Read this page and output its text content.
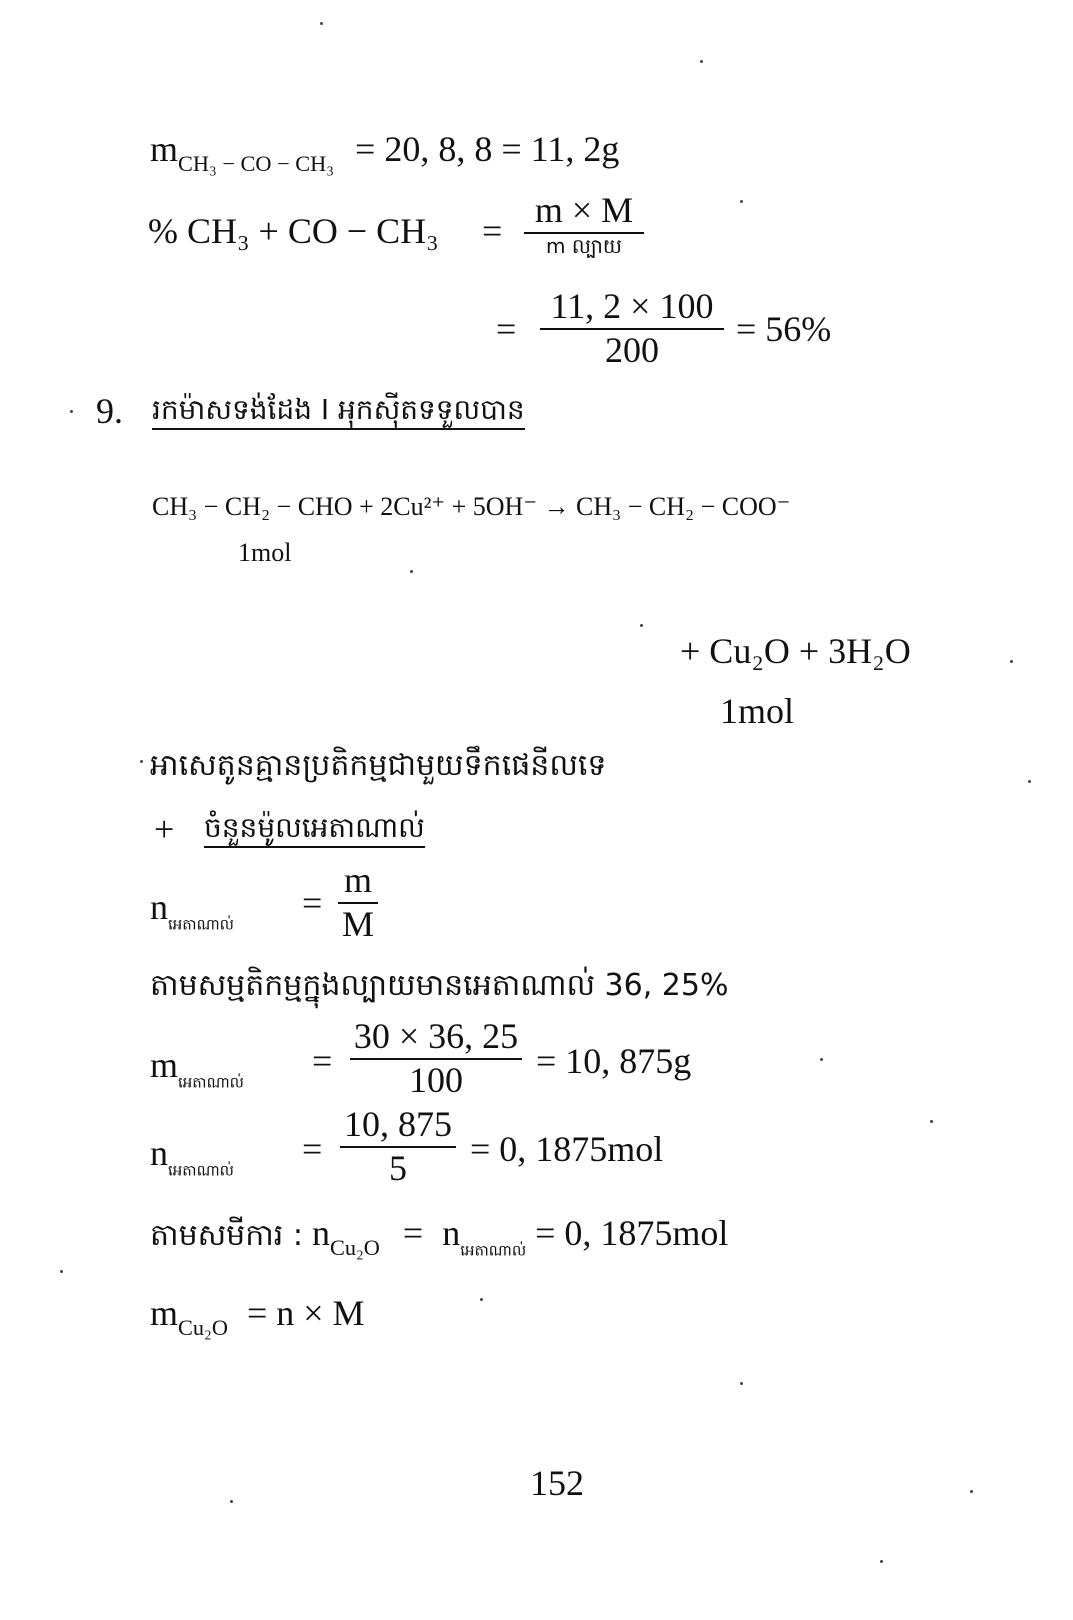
$m_{CH_3 - CO - CH_3} = 20$, 8, 8 = 11, 2g
% CH₃ + CO − CH₃ =
m × M
m ល្បាយ
=
11, 2 × 100
200
= 56%
9. រកម៉ាសទង់ដែង I អុកស៊ីតទទួលបាន
CH₃ − CH₂ − CHO + 2Cu²⁺ + 5OH⁻ → CH₃ − CH₂ − COO⁻
1mol
+ Cu₂O + 3H₂O
1mol
អាសេតូនគ្មានប្រតិកម្មជាមួយទឹកផេនីលទេ
+ ចំនួនម៉ូលអេតាណាល់
$n_{អេតាណាល់}$
=
m
M
តាមសម្មតិកម្មក្នុងល្បាយមានអេតាណាល់ 36, 25%
$m_{អេតាណាល់}$
=
30 × 36, 25
100	= 10, 875g
$n_{អេតាណាល់}$
=
10, 875
5	= 0, 1875mol
តាមសមីការ : $n_{Cu_2O} = n_{អេតាណាល់} = 0$, 1875mol
$m_{Cu_2O} = n \times M$
152
